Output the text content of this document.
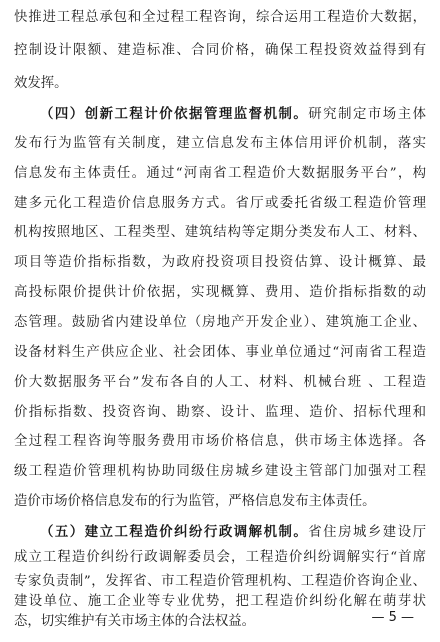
快推进工程总承包和全过程工程咨询，综合运用工程造价大数据，
控制设计限额、建造标准、合同价格，确保工程投资效益得到有
效发挥。
（四）创新工程计价依据管理监督机制。研究制定市场主体
发布行为监管有关制度，建立信息发布主体信用评价机制，落实
信息发布主体责任。通过“河南省工程造价大数据服务平台”，构
建多元化工程造价信息服务方式。省厅或委托省级工程造价管理
机构按照地区、工程类型、建筑结构等定期分类发布人工、材料、
项目等造价指标指数，为政府投资项目投资估算、设计概算、最
高投标限价提供计价依据，实现概算、费用、造价指标指数的动
态管理。鼓励省内建设单位（房地产开发企业）、建筑施工企业、
设备材料生产供应企业、社会团体、事业单位通过“河南省工程造
价大数据服务平台”发布各自的人工、材料、机械台班 、工程造
价指标指数、投资咨询、勘察、设计、监理、造价、招标代理和
全过程工程咨询等服务费用市场价格信息，供市场主体选择。各
级工程造价管理机构协助同级住房城乡建设主管部门加强对工程
造价市场价格信息发布的行为监管，严格信息发布主体责任。
（五）建立工程造价纠纷行政调解机制。省住房城乡建设厅
成立工程造价纠纷行政调解委员会，工程造价纠纷调解实行“首席
专家负责制”，发挥省、市工程造价管理机构、工程造价咨询企业、
建设单位、施工企业等专业优势，把工程造价纠纷化解在萌芽状
态，切实维护有关市场主体的合法权益。	— 5 —
